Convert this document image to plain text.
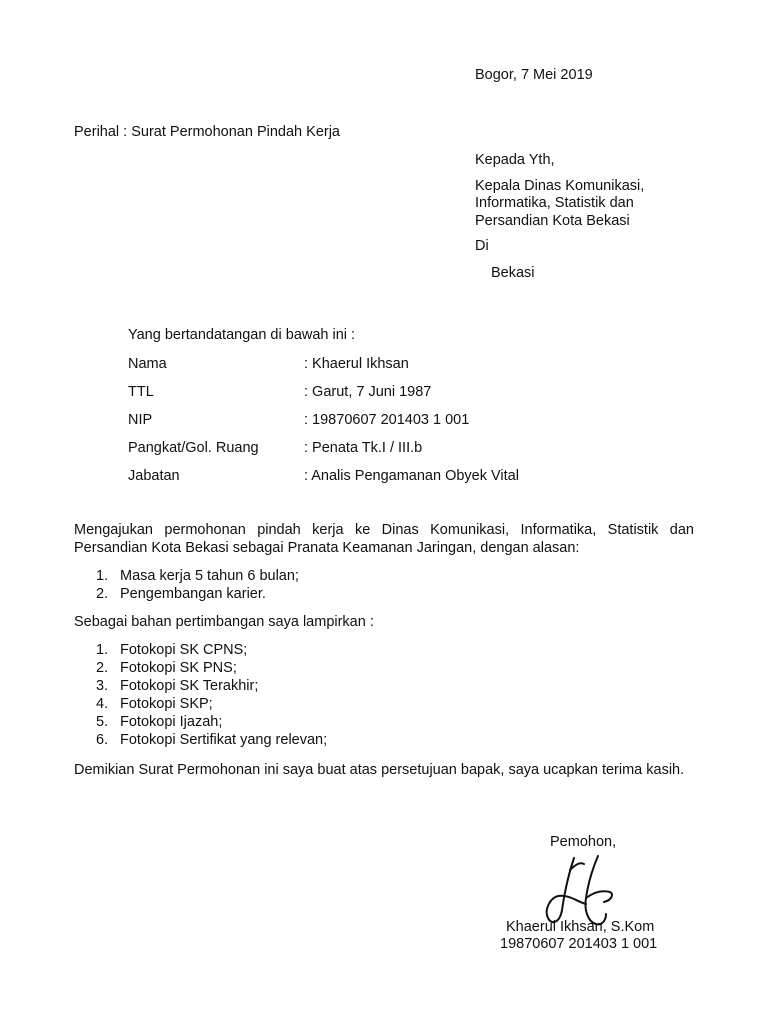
Bogor, 7 Mei 2019
Perihal : Surat Permohonan Pindah Kerja
Kepada Yth,
Kepala Dinas Komunikasi,
Informatika, Statistik dan
Persandian Kota Bekasi
Di
Bekasi
Yang bertandatangan di bawah ini :
Nama	: Khaerul Ikhsan
TTL	: Garut, 7 Juni 1987
NIP	: 19870607 201403 1 001
Pangkat/Gol. Ruang	: Penata Tk.I / III.b
Jabatan	: Analis Pengamanan Obyek Vital
Mengajukan permohonan pindah kerja ke Dinas Komunikasi, Informatika, Statistik dan Persandian Kota Bekasi sebagai Pranata Keamanan Jaringan, dengan alasan:
1. Masa kerja 5 tahun 6 bulan;
2. Pengembangan karier.
Sebagai bahan pertimbangan saya lampirkan :
1. Fotokopi SK CPNS;
2. Fotokopi SK PNS;
3. Fotokopi SK Terakhir;
4. Fotokopi SKP;
5. Fotokopi Ijazah;
6. Fotokopi Sertifikat yang relevan;
Demikian Surat Permohonan ini saya buat atas persetujuan bapak, saya ucapkan terima kasih.
Pemohon,
Khaerul Ikhsan, S.Kom
19870607 201403 1 001
